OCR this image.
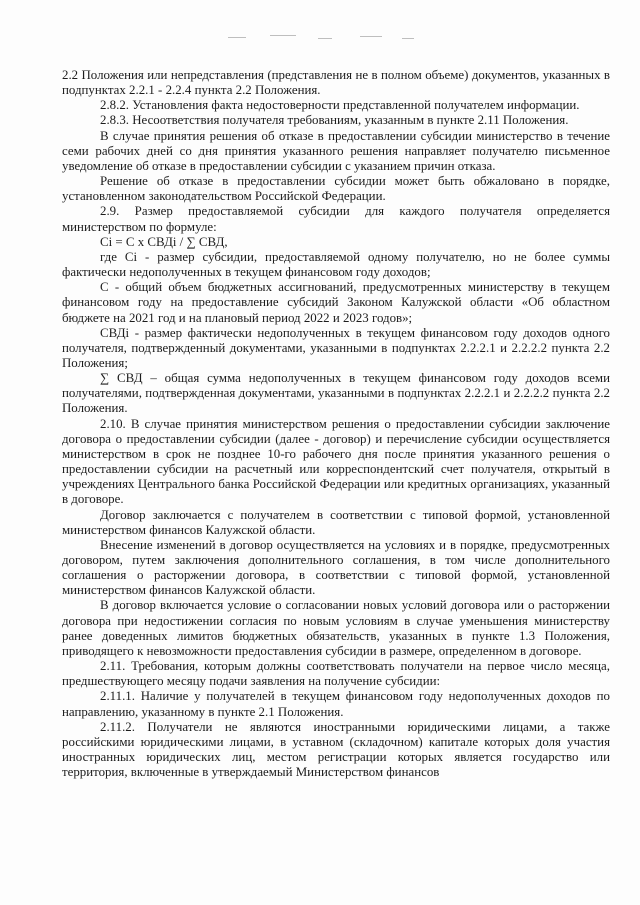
2.2 Положения или непредставления (представления не в полном объеме) документов, указанных в подпунктах 2.2.1 - 2.2.4 пункта 2.2 Положения.

2.8.2. Установления факта недостоверности представленной получателем информации.

2.8.3. Несоответствия получателя требованиям, указанным в пункте 2.11 Положения.

В случае принятия решения об отказе в предоставлении субсидии министерство в течение семи рабочих дней со дня принятия указанного решения направляет получателю письменное уведомление об отказе в предоставлении субсидии с указанием причин отказа.

Решение об отказе в предоставлении субсидии может быть обжаловано в порядке, установленном законодательством Российской Федерации.

2.9. Размер предоставляемой субсидии для каждого получателя определяется министерством по формуле:

Ci = C x СВДi / ∑ СВД,

где Ci - размер субсидии, предоставляемой одному получателю, но не более суммы фактически недополученных в текущем финансовом году доходов;

C - общий объем бюджетных ассигнований, предусмотренных министерству в текущем финансовом году на предоставление субсидий Законом Калужской области «Об областном бюджете на 2021 год и на плановый период 2022 и 2023 годов»;

СВДi - размер фактически недополученных в текущем финансовом году доходов одного получателя, подтвержденный документами, указанными в подпунктах 2.2.2.1 и 2.2.2.2 пункта 2.2 Положения;

∑ СВД – общая сумма недополученных в текущем финансовом году доходов всеми получателями, подтвержденная документами, указанными в подпунктах 2.2.2.1 и 2.2.2.2 пункта 2.2 Положения.

2.10. В случае принятия министерством решения о предоставлении субсидии заключение договора о предоставлении субсидии (далее - договор) и перечисление субсидии осуществляется министерством в срок не позднее 10-го рабочего дня после принятия указанного решения о предоставлении субсидии на расчетный или корреспондентский счет получателя, открытый в учреждениях Центрального банка Российской Федерации или кредитных организациях, указанный в договоре.

Договор заключается с получателем в соответствии с типовой формой, установленной министерством финансов Калужской области.

Внесение изменений в договор осуществляется на условиях и в порядке, предусмотренных договором, путем заключения дополнительного соглашения, в том числе дополнительного соглашения о расторжении договора, в соответствии с типовой формой, установленной министерством финансов Калужской области.

В договор включается условие о согласовании новых условий договора или о расторжении договора при недостижении согласия по новым условиям в случае уменьшения министерству ранее доведенных лимитов бюджетных обязательств, указанных в пункте 1.3 Положения, приводящего к невозможности предоставления субсидии в размере, определенном в договоре.

2.11. Требования, которым должны соответствовать получатели на первое число месяца, предшествующего месяцу подачи заявления на получение субсидии:

2.11.1. Наличие у получателей в текущем финансовом году недополученных доходов по направлению, указанному в пункте 2.1 Положения.

2.11.2. Получатели не являются иностранными юридическими лицами, а также российскими юридическими лицами, в уставном (складочном) капитале которых доля участия иностранных юридических лиц, местом регистрации которых является государство или территория, включенные в утверждаемый Министерством финансов
